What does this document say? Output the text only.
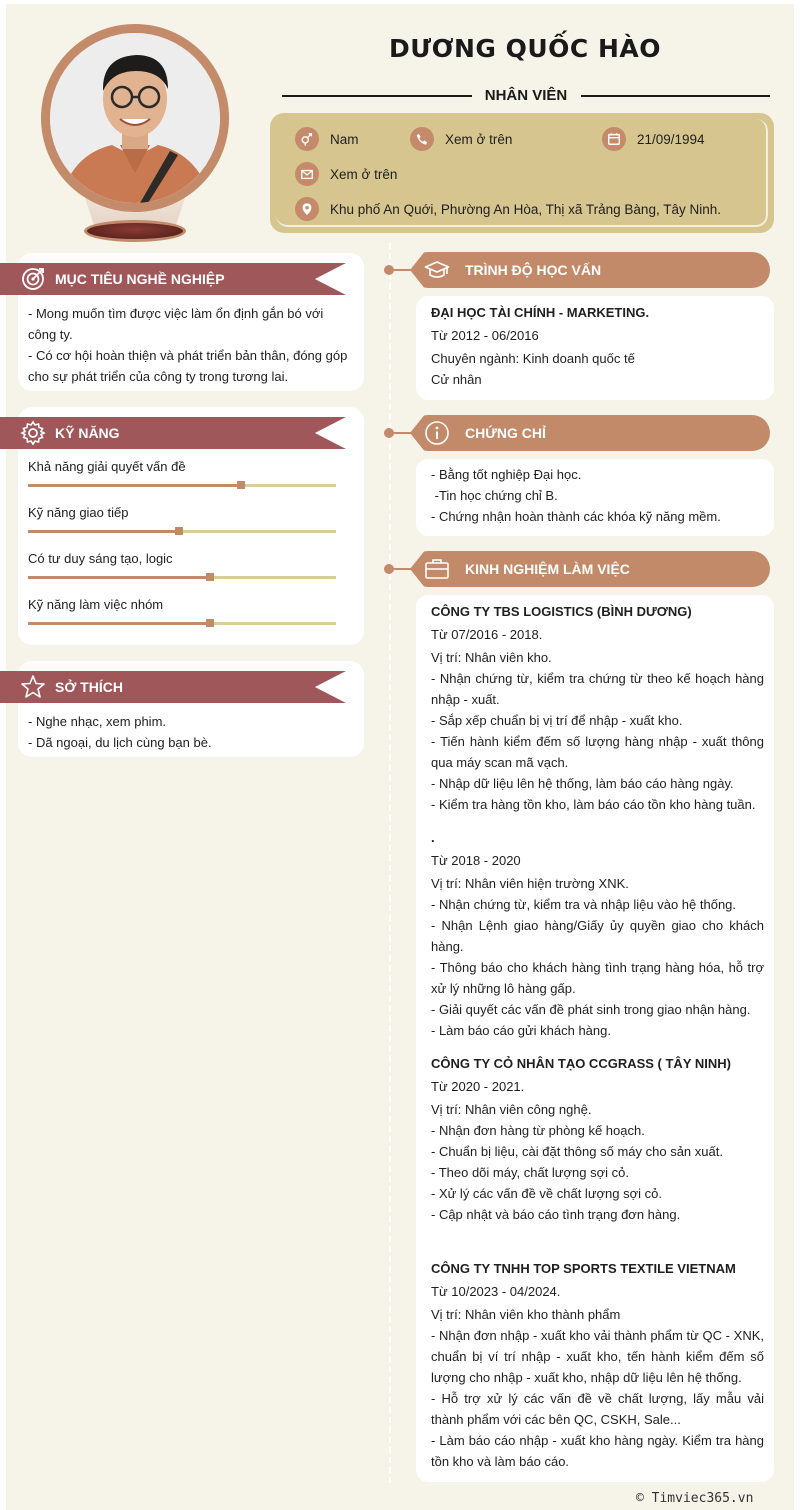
DƯƠNG QUỐC HÀO
NHÂN VIÊN
Nam	Xem ở trên	21/09/1994
Xem ở trên
Khu phố An Quới, Phường An Hòa, Thị xã Trảng Bàng, Tây Ninh.
MỤC TIÊU NGHỀ NGHIỆP
- Mong muốn tìm được việc làm ổn định gắn bó với công ty.
- Có cơ hội hoàn thiện và phát triển bản thân, đóng góp cho sự phát triển của công ty trong tương lai.
KỸ NĂNG
Khả năng giải quyết vấn đề
Kỹ năng giao tiếp
Có tư duy sáng tạo, logic
Kỹ năng làm việc nhóm
SỞ THÍCH
- Nghe nhạc, xem phim.
- Dã ngoại, du lịch cùng bạn bè.
TRÌNH ĐỘ HỌC VẤN
ĐẠI HỌC TÀI CHÍNH - MARKETING.
Từ 2012 - 06/2016
Chuyên ngành: Kinh doanh quốc tế
Cử nhân
CHỨNG CHỈ
- Bằng tốt nghiệp Đại học.
-Tin học chứng chỉ B.
- Chứng nhận hoàn thành các khóa kỹ năng mềm.
KINH NGHIỆM LÀM VIỆC
CÔNG TY TBS LOGISTICS (BÌNH DƯƠNG)
Từ 07/2016 - 2018.
Vị trí: Nhân viên kho.
- Nhận chứng từ, kiểm tra chứng từ theo kế hoạch hàng nhập - xuất.
- Sắp xếp chuẩn bị vị trí để nhập - xuất kho.
- Tiến hành kiểm đếm số lượng hàng nhập - xuất thông qua máy scan mã vạch.
- Nhập dữ liệu lên hệ thống, làm báo cáo hàng ngày.
- Kiểm tra hàng tồn kho, làm báo cáo tồn kho hàng tuần.
.
Từ 2018 - 2020
Vị trí: Nhân viên hiện trường XNK.
- Nhận chứng từ, kiểm tra và nhập liệu vào hệ thống.
- Nhận Lệnh giao hàng/Giấy ủy quyền giao cho khách hàng.
- Thông báo cho khách hàng tình trạng hàng hóa, hỗ trợ xử lý những lô hàng gấp.
- Giải quyết các vấn đề phát sinh trong giao nhận hàng.
- Làm báo cáo gửi khách hàng.
CÔNG TY CỎ NHÂN TẠO CCGRASS ( TÂY NINH)
Từ 2020 - 2021.
Vị trí: Nhân viên công nghệ.
- Nhận đơn hàng từ phòng kế hoạch.
- Chuẩn bị liệu, cài đặt thông số máy cho sản xuất.
- Theo dõi máy, chất lượng sợi cỏ.
- Xử lý các vấn đề về chất lượng sợi cỏ.
- Cập nhật và báo cáo tình trạng đơn hàng.
CÔNG TY TNHH TOP SPORTS TEXTILE VIETNAM
Từ 10/2023 - 04/2024.
Vị trí: Nhân viên kho thành phẩm
- Nhận đơn nhập - xuất kho vải thành phẩm từ QC - XNK, chuẩn bị ví trí nhập - xuất kho, tến hành kiểm đếm số lượng cho nhập - xuất kho, nhập dữ liệu lên hệ thống.
- Hỗ trợ xử lý các vấn đề về chất lượng, lấy mẫu vải thành phẩm với các bên QC, CSKH, Sale...
- Làm báo cáo nhập - xuất kho hàng ngày. Kiểm tra hàng tồn kho và làm báo cáo.
© Timviec365.vn
